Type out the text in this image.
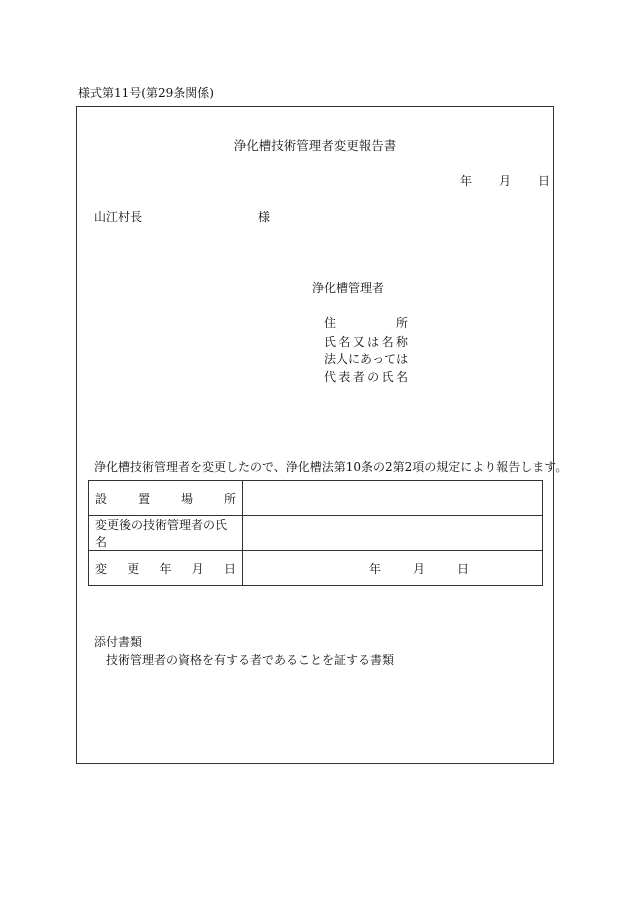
様式第11号(第29条関係)
浄化槽技術管理者変更報告書
年 月 日
山江村長	様
浄化槽管理者
住	所
氏 名 又 は 名 称
法 人 に あ っ て は
代 表 者 の 氏 名
浄化槽技術管理者を変更したので、浄化槽法第10条の2第2項の規定により報告します。
設 置 場 所	

変更後の技術管理者の氏名	

変 更 年 月 日	年 月 日
添付書類
技術管理者の資格を有する者であることを証する書類
